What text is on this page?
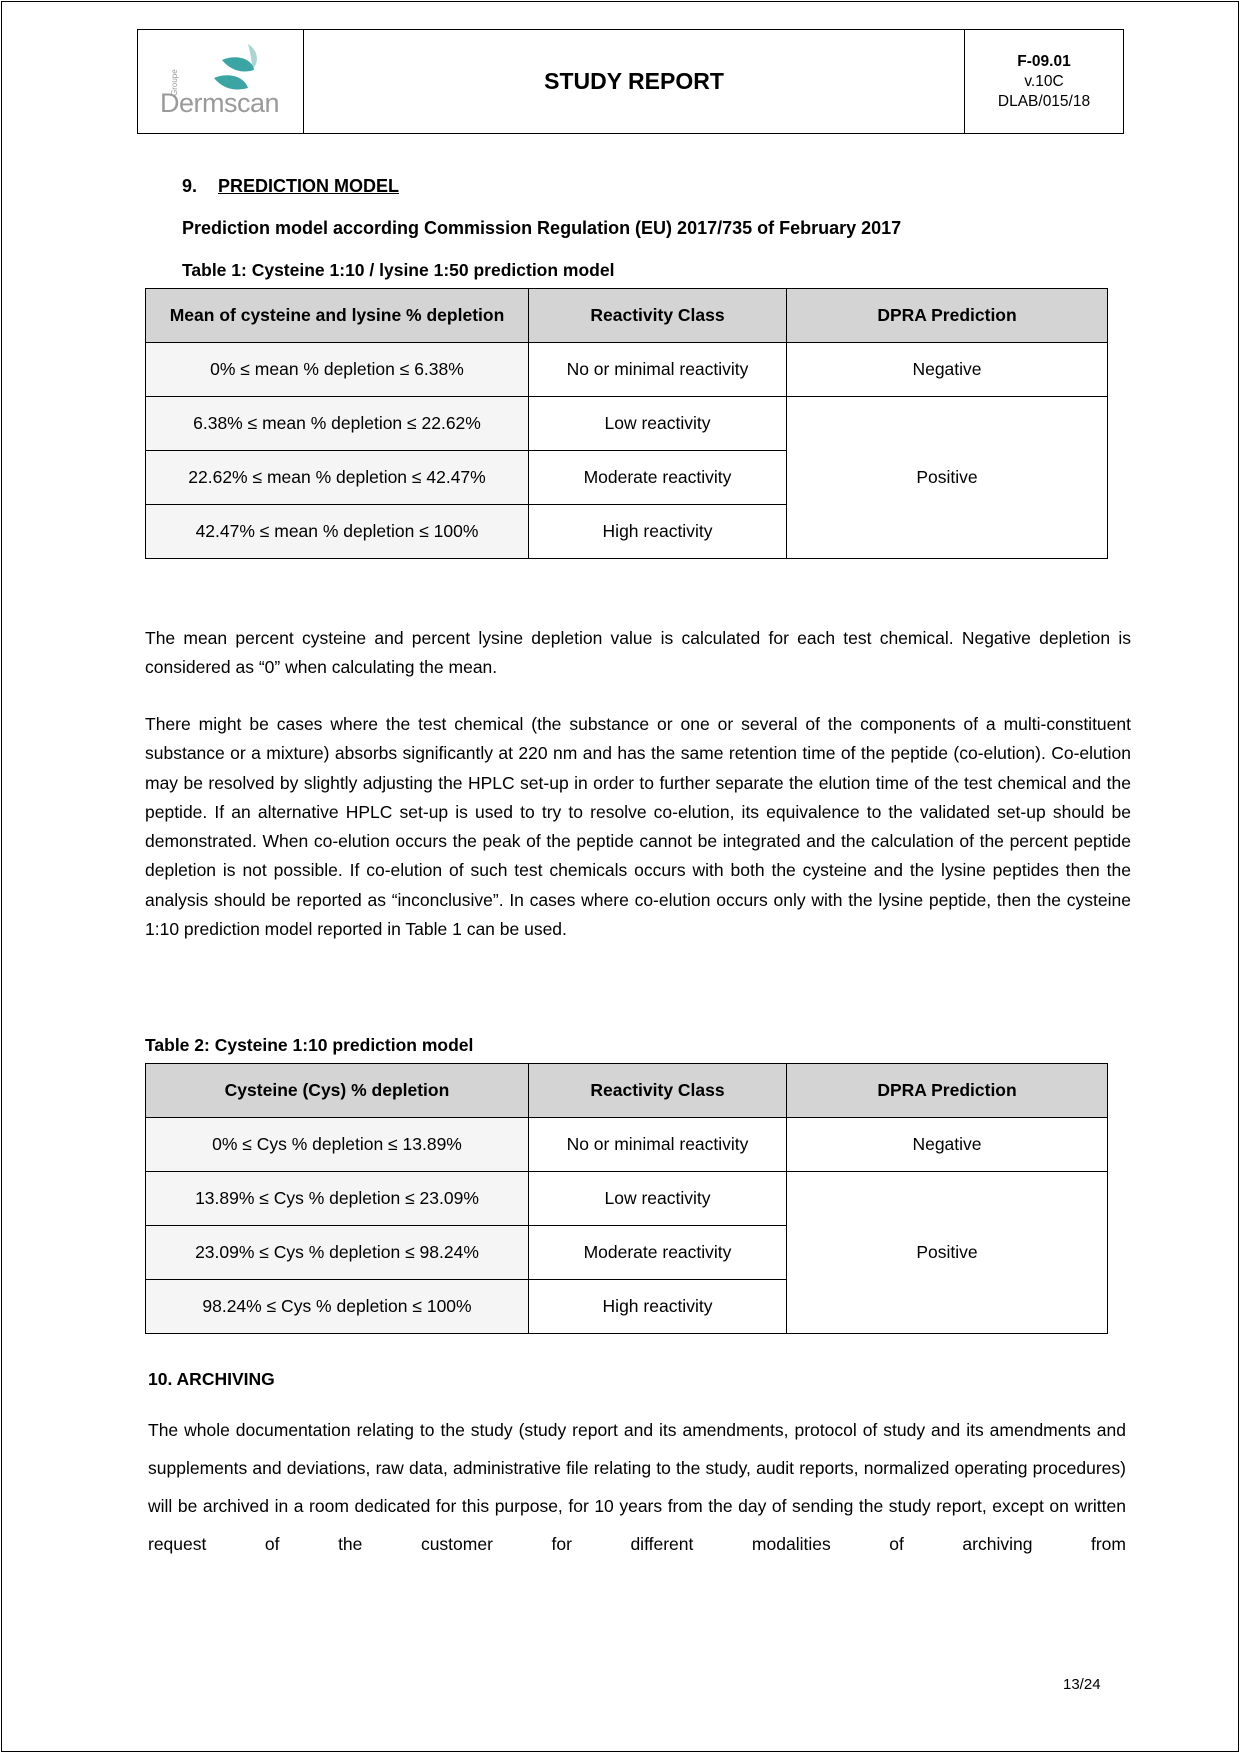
Groupe
Dermscan
STUDY REPORT
F-09.01
v.10C
DLAB/015/18
9. PREDICTION MODEL
Prediction model according Commission Regulation (EU) 2017/735 of February 2017
Table 1: Cysteine 1:10 / lysine 1:50 prediction model
Mean of cysteine and lysine % depletion	Reactivity Class	DPRA Prediction
0% ≤ mean % depletion ≤ 6.38%	No or minimal reactivity	Negative
6.38% ≤ mean % depletion ≤ 22.62%	Low reactivity	Positive
22.62% ≤ mean % depletion ≤ 42.47%	Moderate reactivity	
42.47% ≤ mean % depletion ≤ 100%	High reactivity	
The mean percent cysteine and percent lysine depletion value is calculated for each test chemical. Negative depletion is considered as “0” when calculating the mean.
There might be cases where the test chemical (the substance or one or several of the components of a multi-constituent substance or a mixture) absorbs significantly at 220 nm and has the same retention time of the peptide (co-elution). Co-elution may be resolved by slightly adjusting the HPLC set-up in order to further separate the elution time of the test chemical and the peptide. If an alternative HPLC set-up is used to try to resolve co-elution, its equivalence to the validated set-up should be demonstrated. When co-elution occurs the peak of the peptide cannot be integrated and the calculation of the percent peptide depletion is not possible. If co-elution of such test chemicals occurs with both the cysteine and the lysine peptides then the analysis should be reported as “inconclusive”. In cases where co-elution occurs only with the lysine peptide, then the cysteine 1:10 prediction model reported in Table 1 can be used.
Table 2: Cysteine 1:10 prediction model
Cysteine (Cys) % depletion	Reactivity Class	DPRA Prediction
0% ≤ Cys % depletion ≤ 13.89%	No or minimal reactivity	Negative
13.89% ≤ Cys % depletion ≤ 23.09%	Low reactivity	Positive
23.09% ≤ Cys % depletion ≤ 98.24%	Moderate reactivity	
98.24% ≤ Cys % depletion ≤ 100%	High reactivity	
10. ARCHIVING
The whole documentation relating to the study (study report and its amendments, protocol of study and its amendments and supplements and deviations, raw data, administrative file relating to the study, audit reports, normalized operating procedures) will be archived in a room dedicated for this purpose, for 10 years from the day of sending the study report, except on written request of the customer for different modalities of archiving from
13/24
